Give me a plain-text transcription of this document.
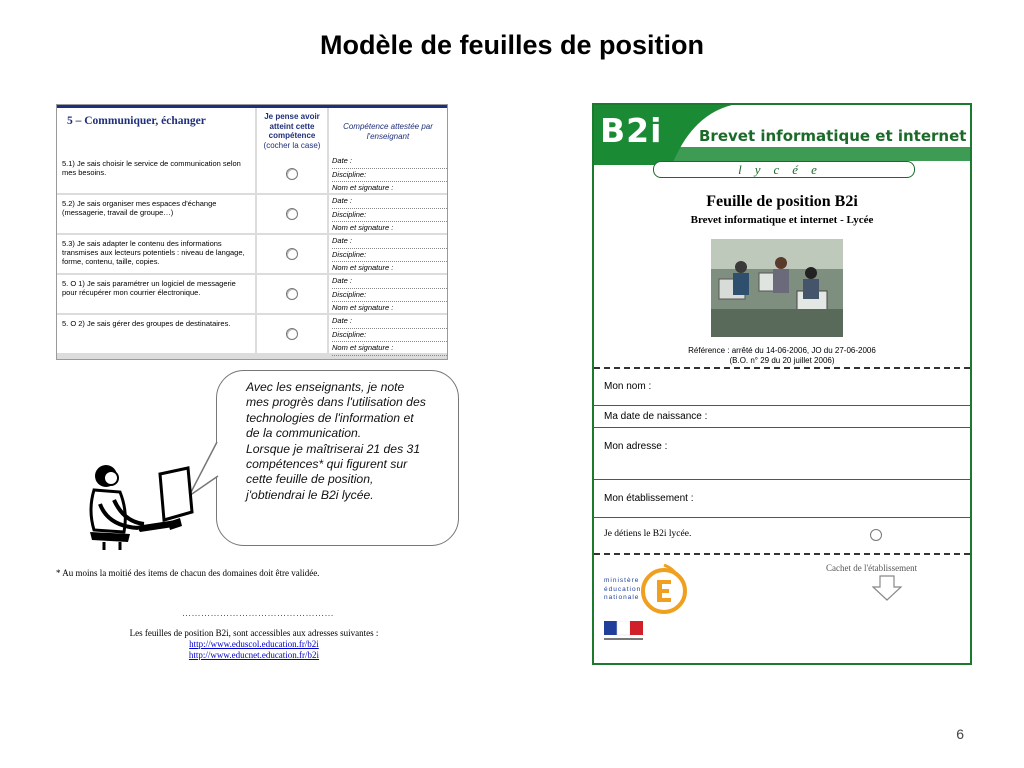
Modèle de feuilles de position
5 – Communiquer, échanger	Je pense avoir atteint cette compétence
(cocher la case)
Compétence attestée par l'enseignant
5.1) Je sais choisir le service de communication selon mes besoins.
Date :
Discipline:
Nom et signature :
5.2) Je sais organiser mes espaces d'échange (messagerie, travail de groupe…)
Date :
Discipline:
Nom et signature :
5.3) Je sais adapter le contenu des informations transmises aux lecteurs potentiels : niveau de langage, forme, contenu, taille, copies.
Date :
Discipline:
Nom et signature :
5. O 1) Je sais paramétrer un logiciel de messagerie pour récupérer mon courrier électronique.
Date :
Discipline:
Nom et signature :
5. O 2) Je sais gérer des groupes de destinataires.	Date :
Discipline:
Nom et signature :
Avec les enseignants, je note
mes progrès dans l'utilisation des
technologies de l'information et
de la communication.
Lorsque je maîtriserai 21 des 31
compétences* qui figurent sur
cette feuille de position,
j'obtiendrai le B2i lycée.
* Au moins la moitié des items de chacun des domaines doit être validée.
…………………………………………
Les feuilles de position B2i, sont accessibles aux adresses suivantes :
http://www.eduscol.education.fr/b2i
http://www.educnet.education.fr/b2i
B2i Brevet informatique et internet
lycée
Feuille de position B2i
Brevet informatique et internet - Lycée
Référence : arrêté du 14-06-2006, JO du 27-06-2006
(B.O. n° 29 du 20 juillet 2006)
Mon nom :
Ma date de naissance :
Mon adresse :
Mon établissement :
Je détiens le B2i lycée.
Cachet de l'établissement
ministère
éducation
nationale
6
